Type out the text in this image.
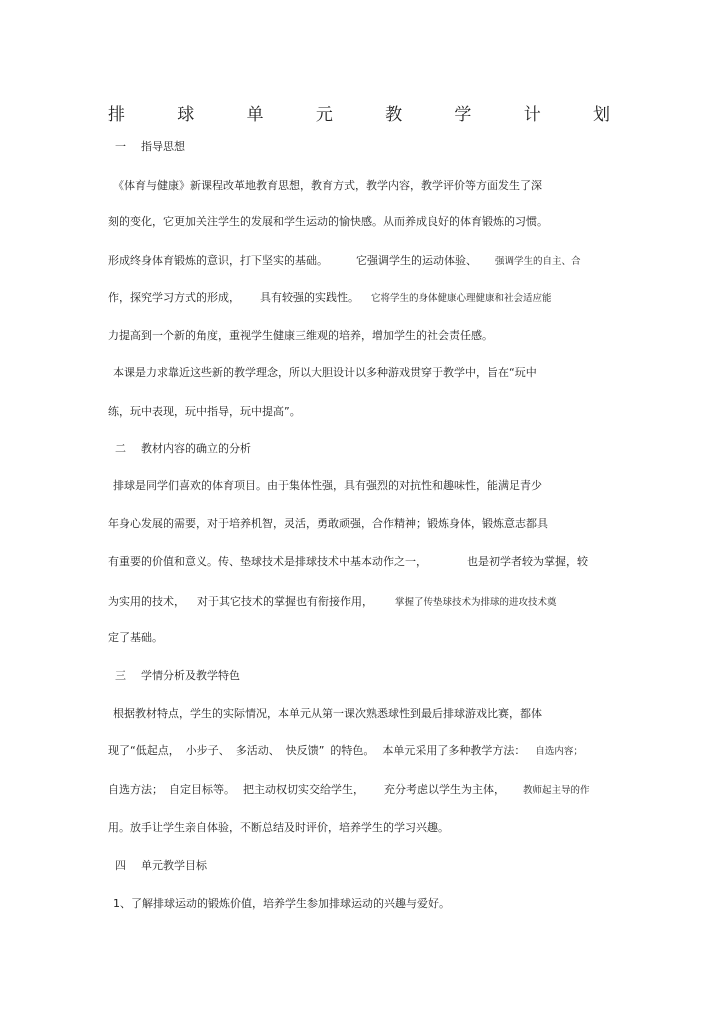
排	球	单	元	教	学	计	划
一 指导思想
《体育与健康》新课程改革地教育思想，教育方式，教学内容，教学评价等方面发生了深
刻的变化，它更加关注学生的发展和学生运动的愉快感。从而养成良好的体育锻炼的习惯。
形成终身体育锻炼的意识，打下坚实的基础。	它强调学生的运动体验、 强调学生的自主、合
作，探究学习方式的形成， 具有较强的实践性。 它将学生的身体健康心理健康和社会适应能
力提高到一个新的角度，重视学生健康三维观的培养，增加学生的社会责任感。
本课是力求靠近这些新的教学理念，所以大胆设计以多种游戏贯穿于教学中，旨在“玩中
练，玩中表现，玩中指导，玩中提高”。
二 教材内容的确立的分析
排球是同学们喜欢的体育项目。由于集体性强，具有强烈的对抗性和趣味性，能满足青少
年身心发展的需要，对于培养机智，灵活，勇敢顽强，合作精神；锻炼身体，锻炼意志都具
有重要的价值和意义。传、垫球技术是排球技术中基本动作之一，	也是初学者较为掌握，较
为实用的技术， 对于其它技术的掌握也有衔接作用， 掌握了传垫球技术为排球的进攻技术奠
定了基础。
三 学情分析及教学特色
根据教材特点，学生的实际情况，本单元从第一课次熟悉球性到最后排球游戏比赛，都体
现了“低起点， 小步子、 多活动、 快反馈” 的特色。 本单元采用了多种教学方法： 自选内容；
自选方法； 自定目标等。 把主动权切实交给学生， 充分考虑以学生为主体， 教师起主导的作
用。放手让学生亲自体验，不断总结及时评价，培养学生的学习兴趣。
四 单元教学目标
1、了解排球运动的锻炼价值，培养学生参加排球运动的兴趣与爱好。
